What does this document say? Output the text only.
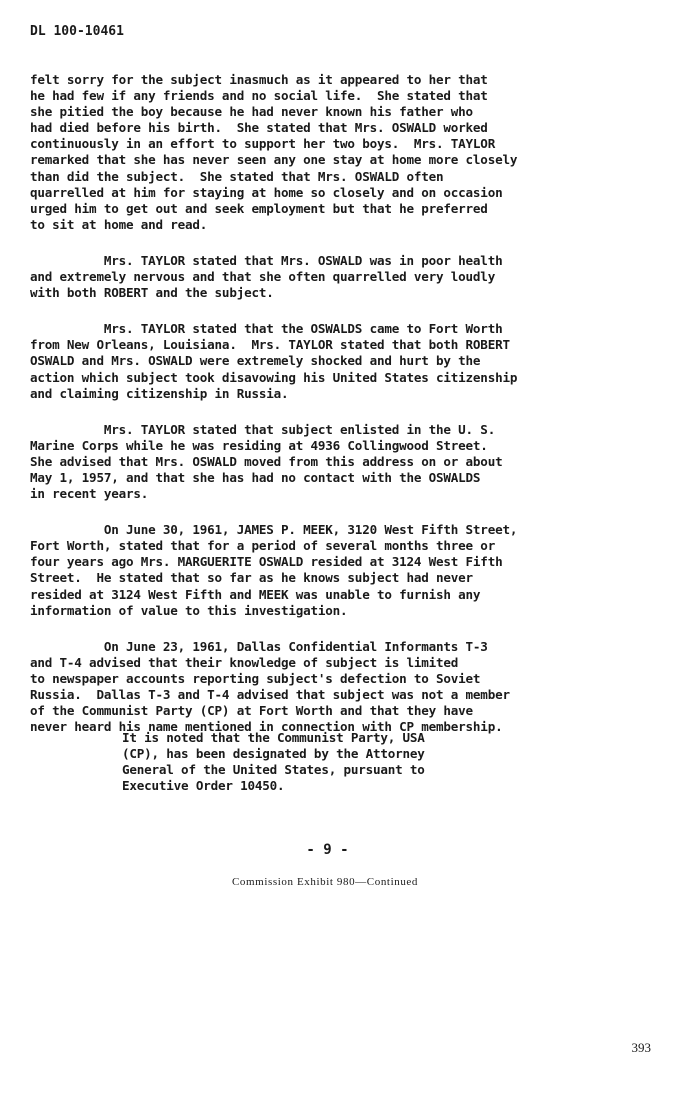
DL 100-10461
felt sorry for the subject inasmuch as it appeared to her that
he had few if any friends and no social life.  She stated that
she pitied the boy because he had never known his father who
had died before his birth.  She stated that Mrs. OSWALD worked
continuously in an effort to support her two boys.  Mrs. TAYLOR
remarked that she has never seen any one stay at home more closely
than did the subject.  She stated that Mrs. OSWALD often
quarrelled at him for staying at home so closely and on occasion
urged him to get out and seek employment but that he preferred
to sit at home and read.
Mrs. TAYLOR stated that Mrs. OSWALD was in poor health
and extremely nervous and that she often quarrelled very loudly
with both ROBERT and the subject.
Mrs. TAYLOR stated that the OSWALDS came to Fort Worth
from New Orleans, Louisiana.  Mrs. TAYLOR stated that both ROBERT
OSWALD and Mrs. OSWALD were extremely shocked and hurt by the
action which subject took disavowing his United States citizenship
and claiming citizenship in Russia.
Mrs. TAYLOR stated that subject enlisted in the U. S.
Marine Corps while he was residing at 4936 Collingwood Street.
She advised that Mrs. OSWALD moved from this address on or about
May 1, 1957, and that she has had no contact with the OSWALDS
in recent years.
On June 30, 1961, JAMES P. MEEK, 3120 West Fifth Street,
Fort Worth, stated that for a period of several months three or
four years ago Mrs. MARGUERITE OSWALD resided at 3124 West Fifth
Street.  He stated that so far as he knows subject had never
resided at 3124 West Fifth and MEEK was unable to furnish any
information of value to this investigation.
On June 23, 1961, Dallas Confidential Informants T-3
and T-4 advised that their knowledge of subject is limited
to newspaper accounts reporting subject's defection to Soviet
Russia.  Dallas T-3 and T-4 advised that subject was not a member
of the Communist Party (CP) at Fort Worth and that they have
never heard his name mentioned in connection with CP membership.
It is noted that the Communist Party, USA
(CP), has been designated by the Attorney
General of the United States, pursuant to
Executive Order 10450.
- 9 -
Commission Exhibit 980—Continued
393
